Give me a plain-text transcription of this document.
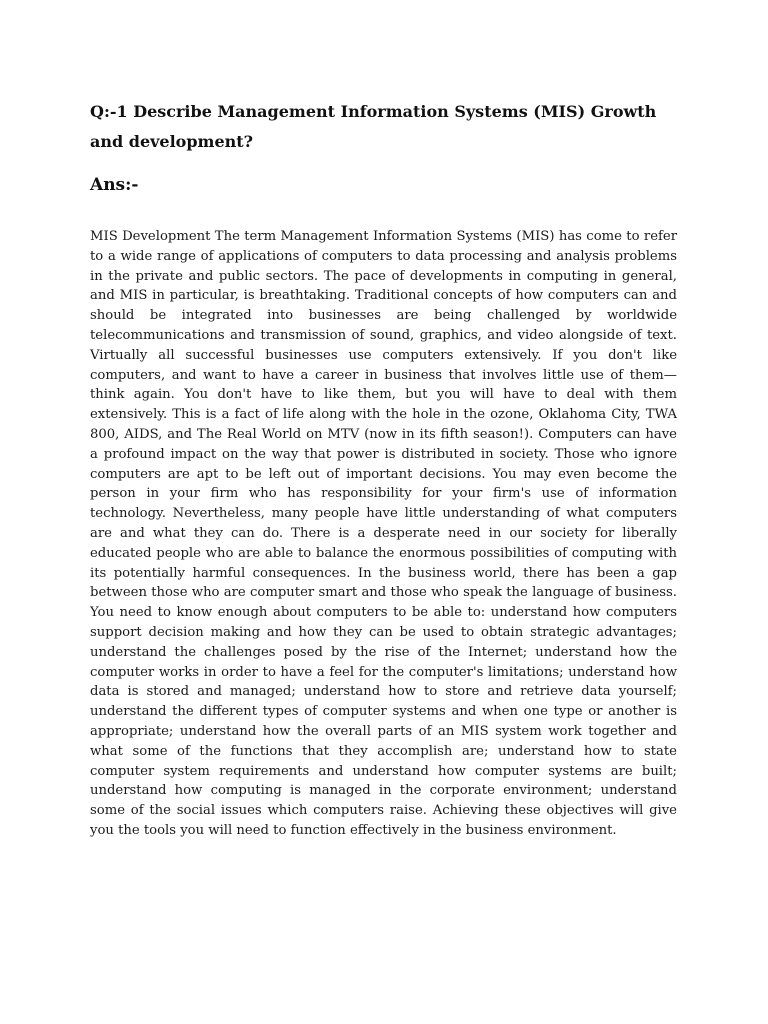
Q:-1 Describe Management Information Systems (MIS) Growth and development?
Ans:-
MIS Development The term Management Information Systems (MIS) has come to refer to a wide range of applications of computers to data processing and analysis problems in the private and public sectors. The pace of developments in computing in general, and MIS in particular, is breathtaking. Traditional concepts of how computers can and should be integrated into businesses are being challenged by worldwide telecommunications and transmission of sound, graphics, and video alongside of text. Virtually all successful businesses use computers extensively. If you don't like computers, and want to have a career in business that involves little use of them—think again. You don't have to like them, but you will have to deal with them extensively. This is a fact of life along with the hole in the ozone, Oklahoma City, TWA 800, AIDS, and The Real World on MTV (now in its fifth season!). Computers can have a profound impact on the way that power is distributed in society. Those who ignore computers are apt to be left out of important decisions. You may even become the person in your firm who has responsibility for your firm's use of information technology. Nevertheless, many people have little understanding of what computers are and what they can do. There is a desperate need in our society for liberally educated people who are able to balance the enormous possibilities of computing with its potentially harmful consequences. In the business world, there has been a gap between those who are computer smart and those who speak the language of business. You need to know enough about computers to be able to: understand how computers support decision making and how they can be used to obtain strategic advantages; understand the challenges posed by the rise of the Internet; understand how the computer works in order to have a feel for the computer's limitations; understand how data is stored and managed; understand how to store and retrieve data yourself; understand the different types of computer systems and when one type or another is appropriate; understand how the overall parts of an MIS system work together and what some of the functions that they accomplish are; understand how to state computer system requirements and understand how computer systems are built; understand how computing is managed in the corporate environment; understand some of the social issues which computers raise. Achieving these objectives will give you the tools you will need to function effectively in the business environment.
